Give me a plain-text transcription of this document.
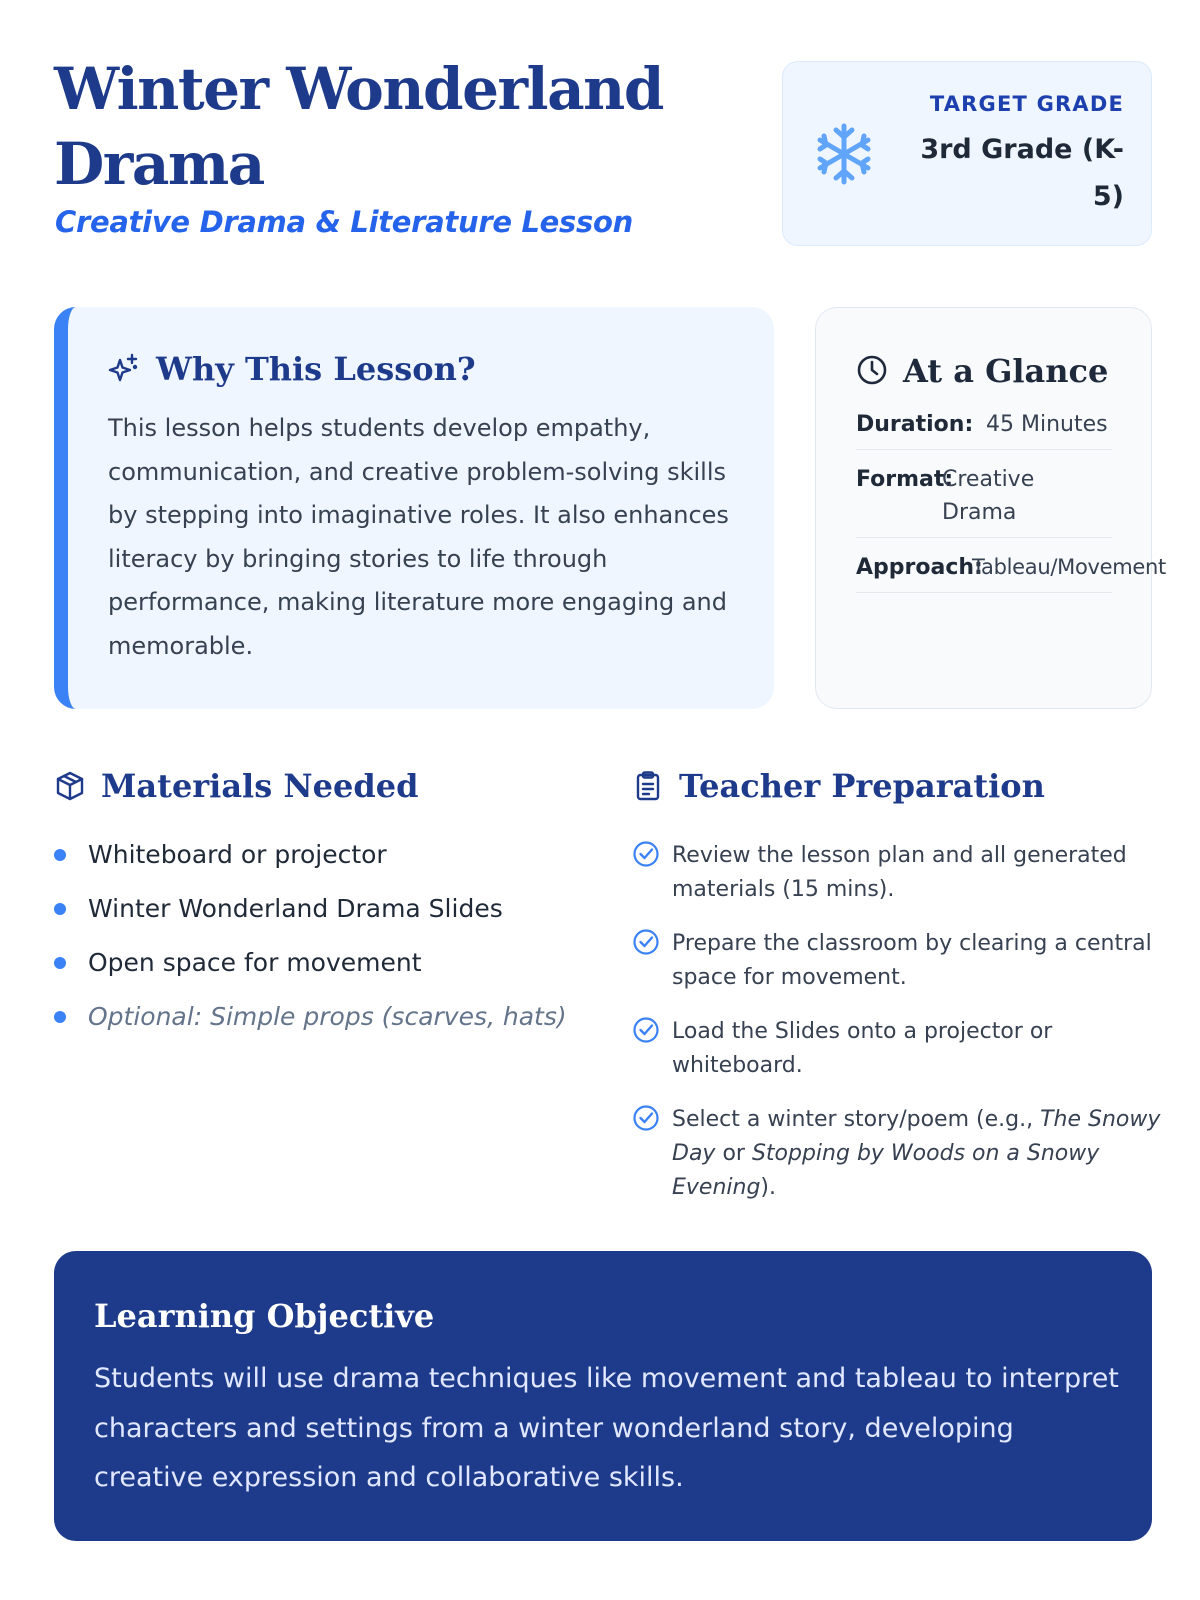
Winter Wonderland Drama
Creative Drama & Literature Lesson
TARGET GRADE
3rd Grade (K-5)
Why This Lesson?
This lesson helps students develop empathy, communication, and creative problem-solving skills by stepping into imaginative roles. It also enhances literacy by bringing stories to life through performance, making literature more engaging and memorable.
At a Glance
Duration: 45 Minutes
Format:
Creative Drama
Approach:
Tableau/Movement
Materials Needed
Whiteboard or projector
Winter Wonderland Drama Slides
Open space for movement
Optional: Simple props (scarves, hats)
Teacher Preparation
Review the lesson plan and all generated materials (15 mins).
Prepare the classroom by clearing a central space for movement.
Load the Slides onto a projector or whiteboard.
Select a winter story/poem (e.g., The Snowy Day or Stopping by Woods on a Snowy Evening).
Learning Objective
Students will use drama techniques like movement and tableau to interpret characters and settings from a winter wonderland story, developing creative expression and collaborative skills.
